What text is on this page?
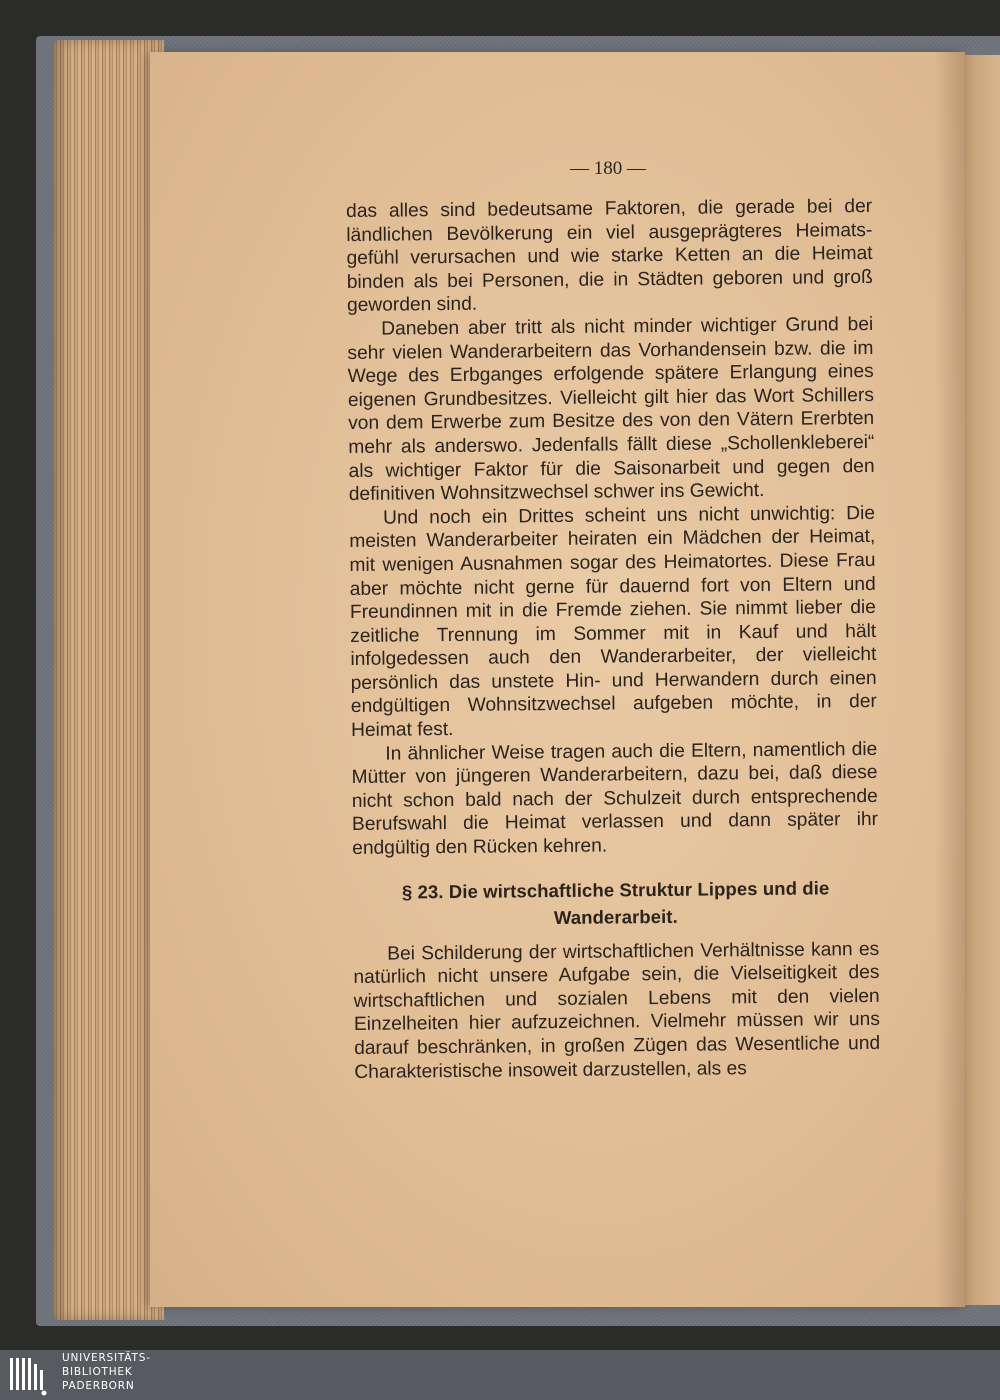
— 180 —

das alles sind bedeutsame Faktoren, die gerade bei der ländlichen Bevölkerung ein viel ausgeprägteres Heimatsgefühl verursachen und wie starke Ketten an die Heimat binden als bei Personen, die in Städten geboren und groß geworden sind.

Daneben aber tritt als nicht minder wichtiger Grund bei sehr vielen Wanderarbeitern das Vorhandensein bzw. die im Wege des Erbganges erfolgende spätere Erlangung eines eigenen Grundbesitzes. Vielleicht gilt hier das Wort Schillers von dem Erwerbe zum Besitze des von den Vätern Ererbten mehr als anderswo. Jedenfalls fällt diese „Schollenkleberei“ als wichtiger Faktor für die Saisonarbeit und gegen den definitiven Wohnsitzwechsel schwer ins Gewicht.

Und noch ein Drittes scheint uns nicht unwichtig: Die meisten Wanderarbeiter heiraten ein Mädchen der Heimat, mit wenigen Ausnahmen sogar des Heimatortes. Diese Frau aber möchte nicht gerne für dauernd fort von Eltern und Freundinnen mit in die Fremde ziehen. Sie nimmt lieber die zeitliche Trennung im Sommer mit in Kauf und hält infolgedessen auch den Wanderarbeiter, der vielleicht persönlich das unstete Hin- und Herwandern durch einen endgültigen Wohnsitzwechsel aufgeben möchte, in der Heimat fest.

In ähnlicher Weise tragen auch die Eltern, namentlich die Mütter von jüngeren Wanderarbeitern, dazu bei, daß diese nicht schon bald nach der Schulzeit durch entsprechende Berufswahl die Heimat verlassen und dann später ihr endgültig den Rücken kehren.

§ 23. Die wirtschaftliche Struktur Lippes und die
Wanderarbeit.

Bei Schilderung der wirtschaftlichen Verhältnisse kann es natürlich nicht unsere Aufgabe sein, die Vielseitigkeit des wirtschaftlichen und sozialen Lebens mit den vielen Einzelheiten hier aufzuzeichnen. Vielmehr müssen wir uns darauf beschränken, in großen Zügen das Wesentliche und Charakteristische insoweit darzustellen, als es

UNIVERSITÄTS-
BIBLIOTHEK
PADERBORN
